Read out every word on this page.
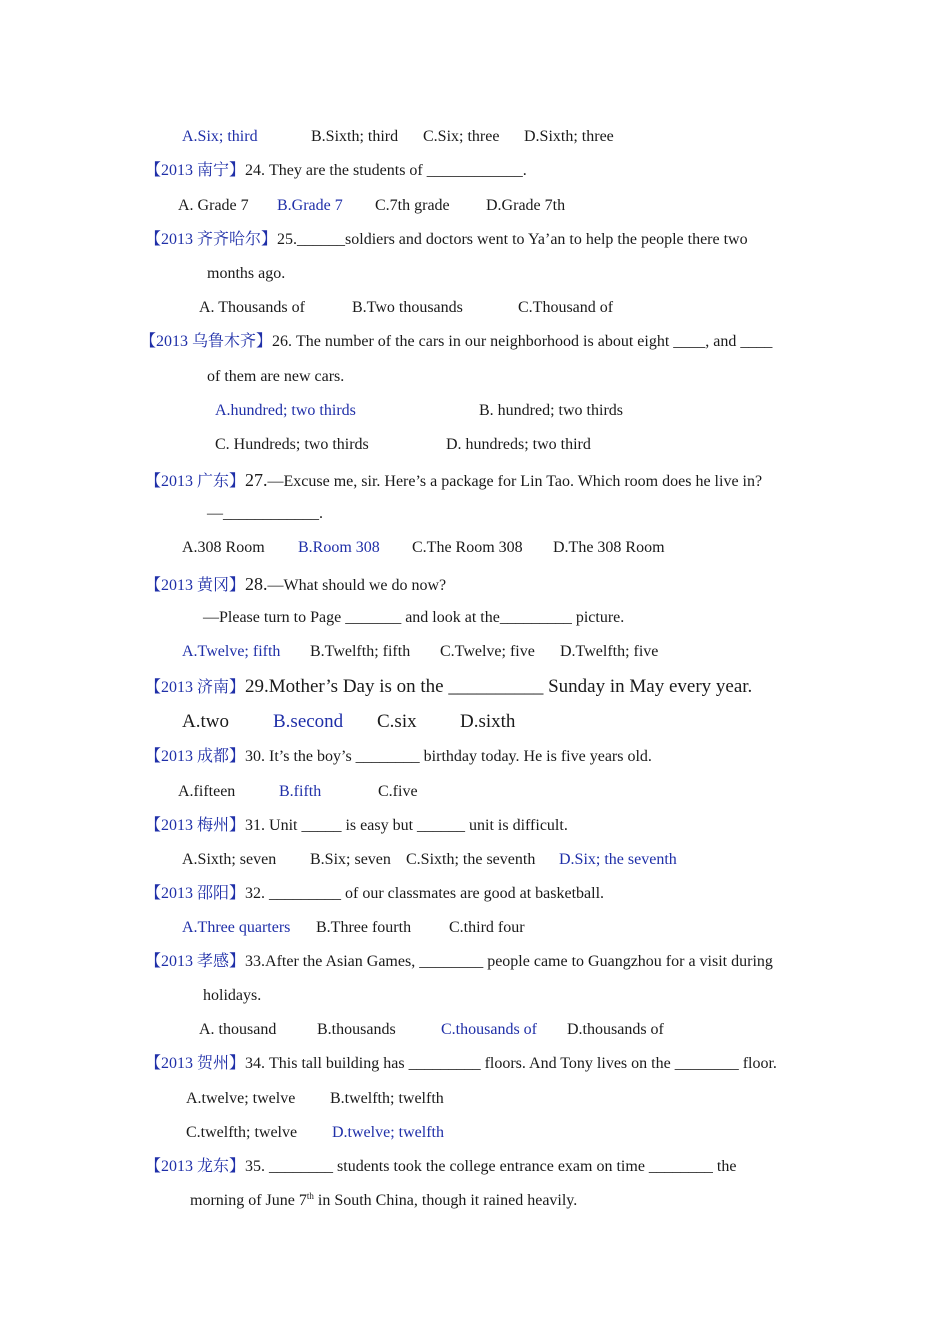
A.Six; third	B.Sixth; third C.Six; three D.Sixth; three
【2013 南宁】24. They are the students of ____________.
A. Grade 7 B.Grade 7 C.7th grade D.Grade 7th
【2013 齐齐哈尔】25.______soldiers and doctors went to Ya’an to help the people there two
months ago.
A. Thousands of	B.Two thousands	C.Thousand of
【2013 乌鲁木齐】26. The number of the cars in our neighborhood is about eight ____, and ____
of them are new cars.
A.hundred; two thirds	B. hundred; two thirds
C. Hundreds; two thirds	D. hundreds; two third
【2013 广东】27.—Excuse me, sir. Here’s a package for Lin Tao. Which room does he live in?
—____________.
A.308 Room B.Room 308 C.The Room 308 D.The 308 Room
【2013 黄冈】28.—What should we do now?
—Please turn to Page _______ and look at the_________ picture.
A.Twelve; fifth B.Twelfth; fifth C.Twelve; five D.Twelfth; five
【2013 济南】29.Mother’s Day is on the __________ Sunday in May every year.
A.two B.second C.six D.sixth
【2013 成都】30. It’s the boy’s ________ birthday today. He is five years old.
A.fifteen	B.fifth	C.five
【2013 梅州】31. Unit _____ is easy but ______ unit is difficult.
A.Sixth; seven B.Six; seven C.Sixth; the seventh D.Six; the seventh
【2013 邵阳】32. _________ of our classmates are good at basketball.
A.Three quarters B.Three fourth C.third four
【2013 孝感】33.After the Asian Games, ________ people came to Guangzhou for a visit during
holidays.
A. thousand	B.thousands	C.thousands of D.thousands of
【2013 贺州】34. This tall building has _________ floors. And Tony lives on the ________ floor.
A.twelve; twelve B.twelfth; twelfth
C.twelfth; twelve D.twelve; twelfth
【2013 龙东】35. ________ students took the college entrance exam on time ________ the
morning of June 7th in South China, though it rained heavily.
